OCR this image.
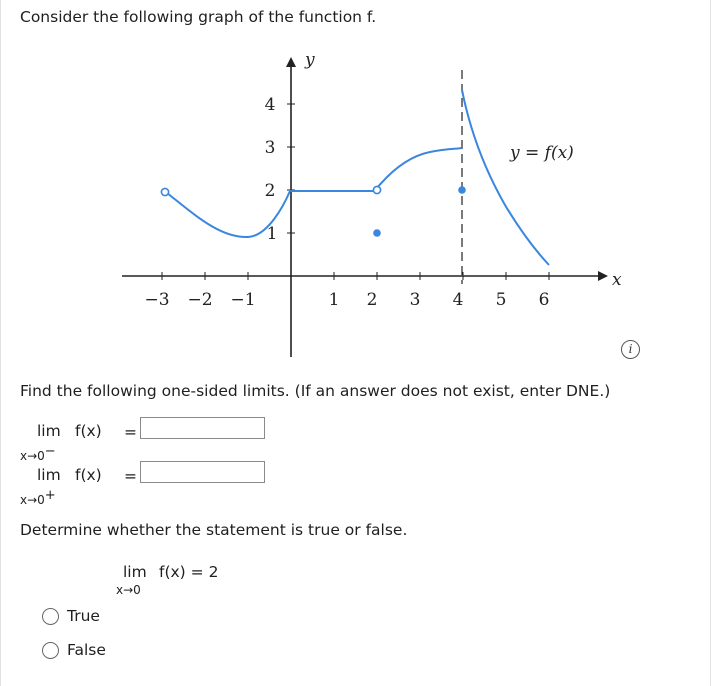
Consider the following graph of the function f.
−3 −2 −1	1 2 3 4 5 6
4
3
2
1
y
x
y = f(x)
i
Find the following one-sided limits. (If an answer does not exist, enter DNE.)
lim
x→0−
f(x) =
lim
x→0+
f(x) =
Determine whether the statement is true or false.
lim
x→0
f(x) = 2
True
False
